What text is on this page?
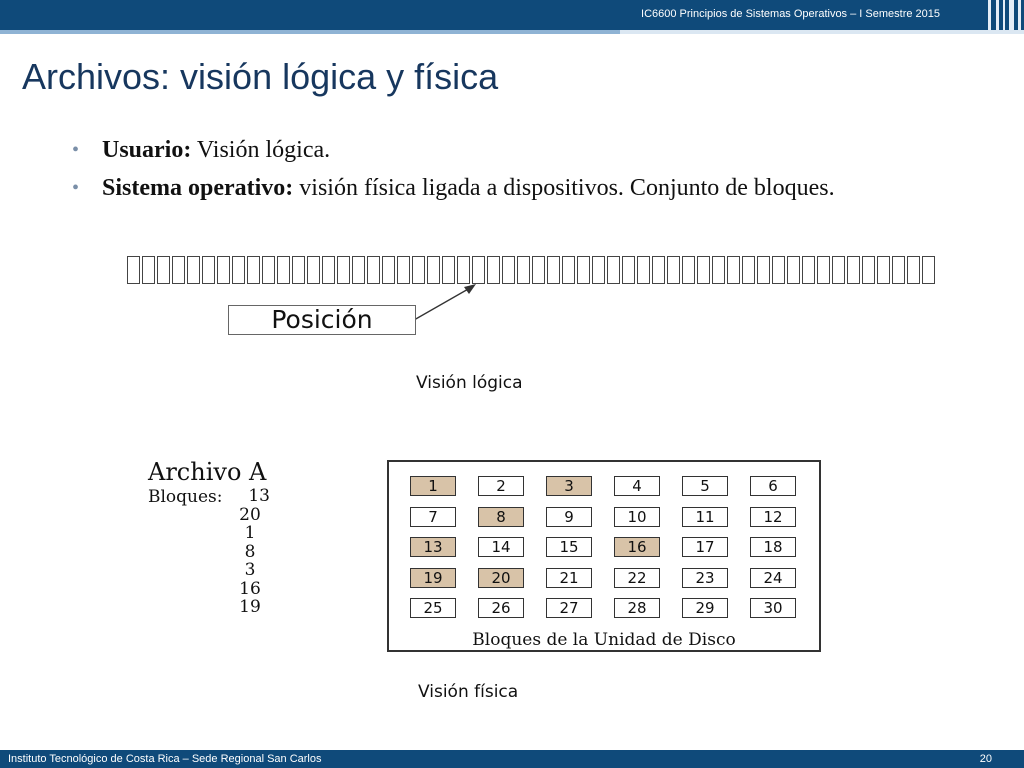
IC6600 Principios de Sistemas Operativos – I Semestre 2015
Archivos: visión lógica y física
• Usuario: Visión lógica.
• Sistema operativo: visión física ligada a dispositivos. Conjunto de bloques.
Posición
Visión lógica
Archivo A
Bloques:	13
20
1
8
3
16
19
1	2	3	4	5	6
7	8	9	10	11	12
13	14	15	16	17	18
19	20	21	22	23	24
25	26	27	28	29	30
Bloques de la Unidad de Disco
Visión física
Instituto Tecnológico de Costa Rica – Sede Regional San Carlos	20
